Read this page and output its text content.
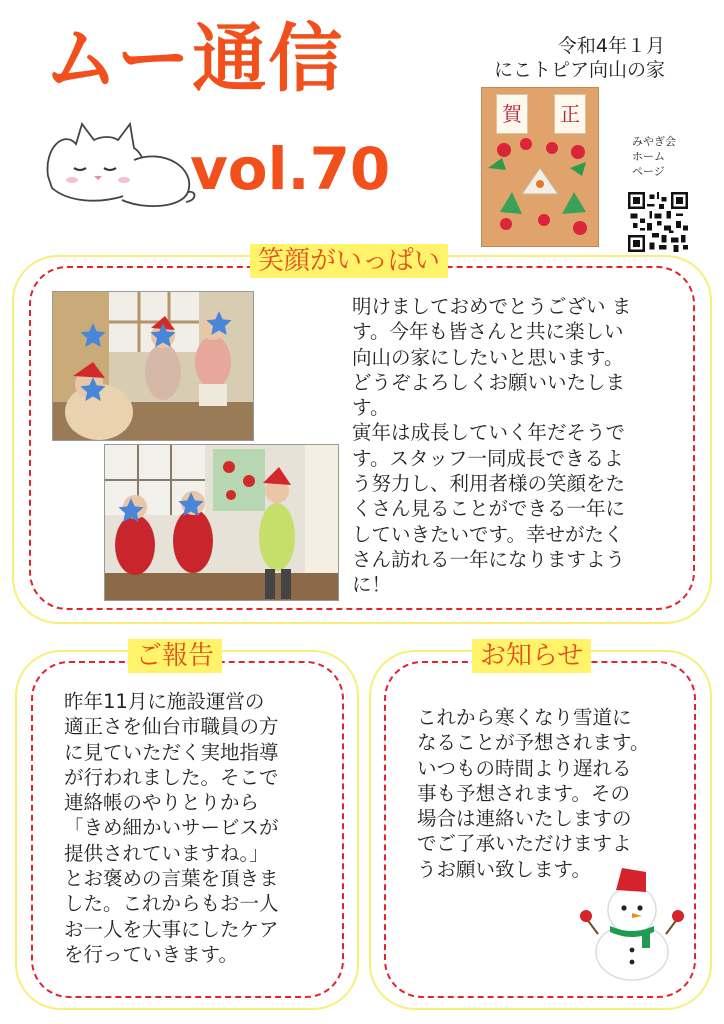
ムー通信
vol.70
令和4年１月
にこトピア向山の家
賀	正
みやぎ会
ホーム
ページ
笑顔がいっぱい

明けましておめでとうござい ま
す。今年も皆さんと共に楽しい
向山の家にしたいと思います。
どうぞよろしくお願いいたしま
す。
寅年は成長していく年だそうで
す。スタッフ一同成長できるよ
う努力し、利用者様の笑顔をた
くさん見ることができる一年に
していきたいです。幸せがたく
さん訪れる一年になりますよう
に！

ご報告

昨年11月に施設運営の
適正さを仙台市職員の方
に見ていただく実地指導
が行われました。そこで
連絡帳のやりとりから
「きめ細かいサービスが
提供されていますね。」
とお褒めの言葉を頂きま
した。これからもお一人
お一人を大事にしたケア
を行っていきます。

お知らせ

これから寒くなり雪道に
なることが予想されます。
いつもの時間より遅れる
事も予想されます。その
場合は連絡いたしますの
でご了承いただけますよ
うお願い致します。
